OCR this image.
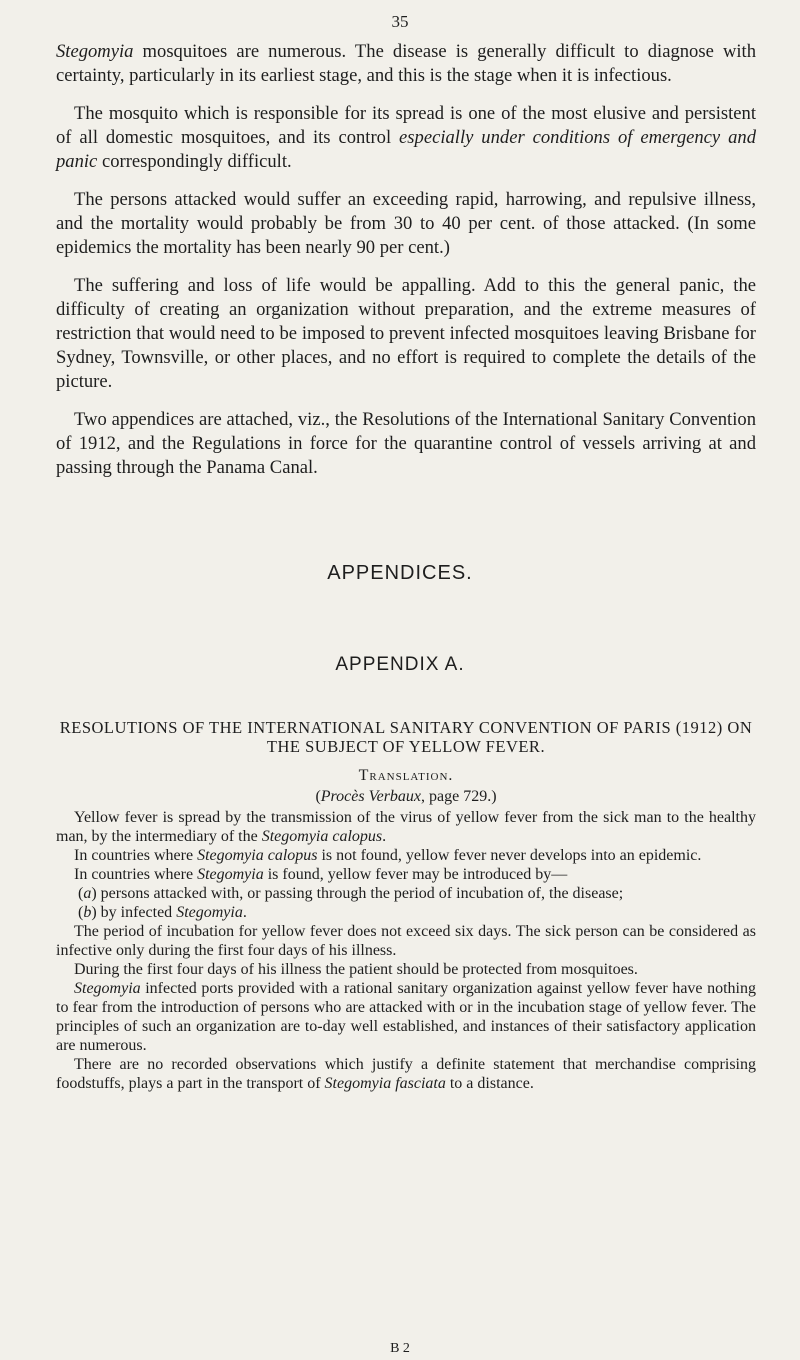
35

Stegomyia mosquitoes are numerous. The disease is generally difficult to diagnose with certainty, particularly in its earliest stage, and this is the stage when it is infectious.

The mosquito which is responsible for its spread is one of the most elusive and persistent of all domestic mosquitoes, and its control especially under conditions of emergency and panic correspondingly difficult.

The persons attacked would suffer an exceeding rapid, harrowing, and repulsive illness, and the mortality would probably be from 30 to 40 per cent. of those attacked. (In some epidemics the mortality has been nearly 90 per cent.)

The suffering and loss of life would be appalling. Add to this the general panic, the difficulty of creating an organization without preparation, and the extreme measures of restriction that would need to be imposed to prevent infected mosquitoes leaving Brisbane for Sydney, Townsville, or other places, and no effort is required to complete the details of the picture.

Two appendices are attached, viz., the Resolutions of the International Sanitary Convention of 1912, and the Regulations in force for the quarantine control of vessels arriving at and passing through the Panama Canal.

APPENDICES.
APPENDIX A.
RESOLUTIONS OF THE INTERNATIONAL SANITARY CONVENTION OF PARIS (1912) ON THE SUBJECT OF YELLOW FEVER.
Translation.
(Procès Verbaux, page 729.)

Yellow fever is spread by the transmission of the virus of yellow fever from the sick man to the healthy man, by the intermediary of the Stegomyia calopus.

In countries where Stegomyia calopus is not found, yellow fever never develops into an epidemic.

In countries where Stegomyia is found, yellow fever may be introduced by—

(a) persons attacked with, or passing through the period of incubation of, the disease;

(b) by infected Stegomyia.

The period of incubation for yellow fever does not exceed six days. The sick person can be considered as infective only during the first four days of his illness.

During the first four days of his illness the patient should be protected from mosquitoes.

Stegomyia infected ports provided with a rational sanitary organization against yellow fever have nothing to fear from the introduction of persons who are attacked with or in the incubation stage of yellow fever. The principles of such an organization are to-day well established, and instances of their satisfactory application are numerous.

There are no recorded observations which justify a definite statement that merchandise comprising foodstuffs, plays a part in the transport of Stegomyia fasciata to a distance.

B 2
